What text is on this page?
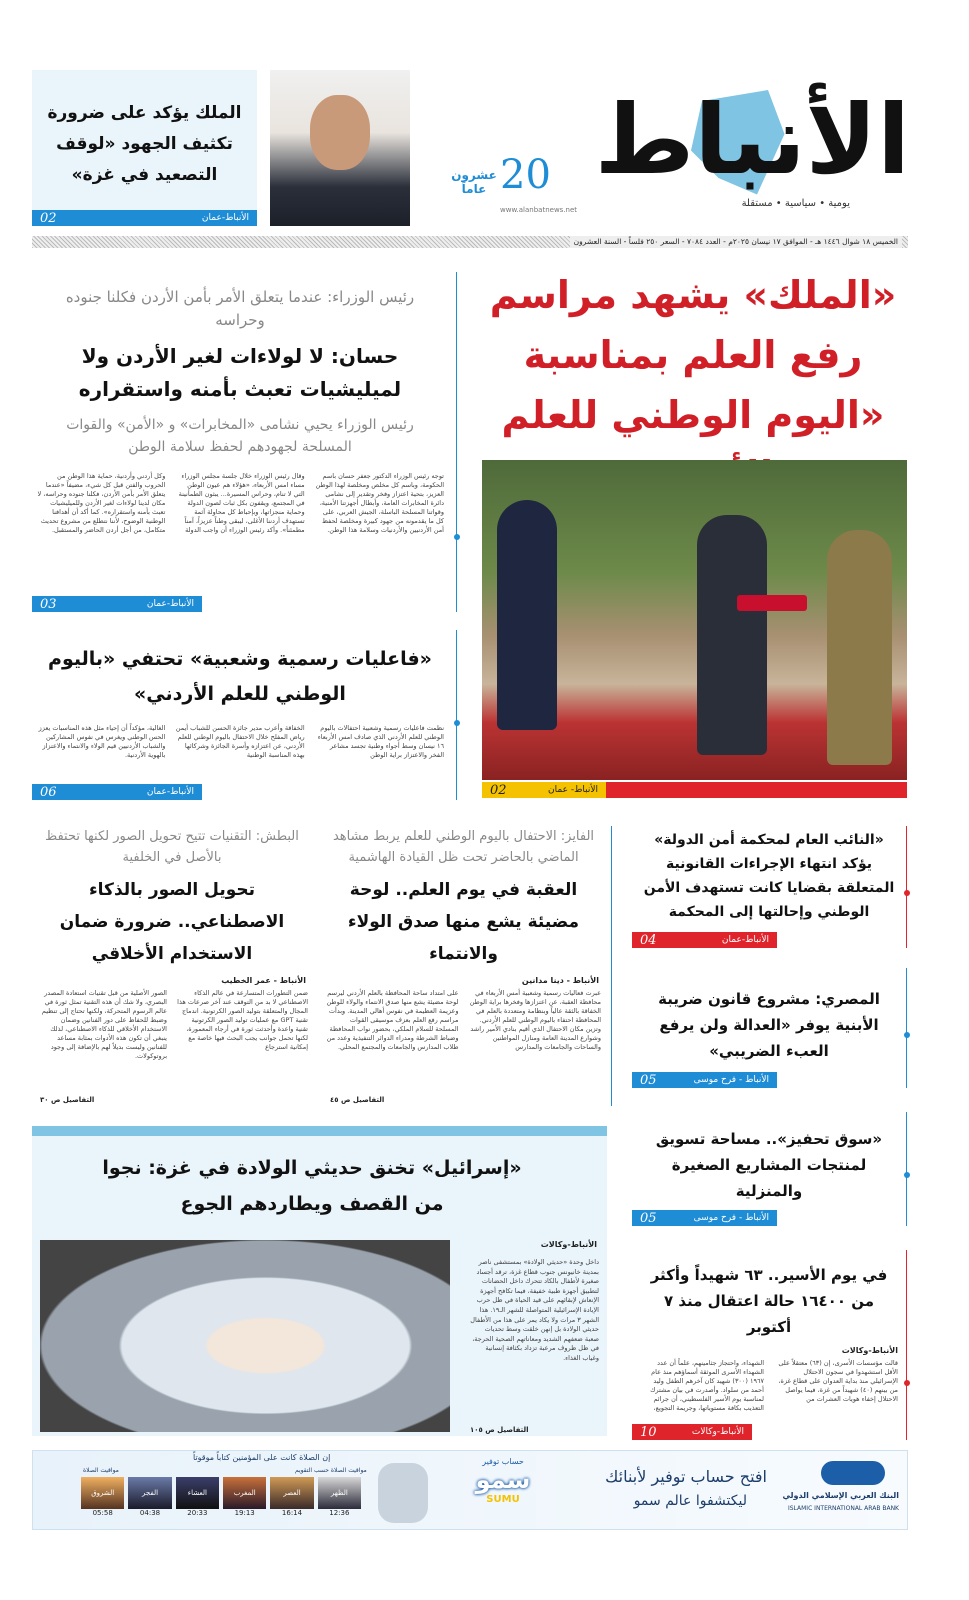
الأنباط
يومية • سياسية • مستقلة
20
عشرون عاماً
www.alanbatnews.net
الملك يؤكد على ضرورة تكثيف الجهود «لوقف التصعيد في غزة»
الأنباط-عمان
02
الخميس ١٨ شوال ١٤٤٦ هـ - الموافق ١٧ نيسان ٢٠٢٥م - العدد ٧٠٨٤ - السعر ٢٥٠ فلساً - السنة العشرون
«الملك» يشهد مراسم رفع العلم بمناسبة «اليوم الوطني للعلم
الأنباط- عمان
02
رئيس الوزراء: عندما يتعلق الأمر بأمن الأردن فكلنا جنوده وحراسه
حسان: لا لولاءات لغير الأردن ولا لميليشيات تعبث بأمنه واستقراره
رئيس الوزراء يحيي نشامى «المخابرات» و «الأمن» والقوات المسلحة لجهودهم لحفظ سلامة الوطن
توجه رئيس الوزراء الدكتور جعفر حسان باسم الحكومة، وباسم كل مخلص ومخلصة لهذا الوطن العزيز، بتحية اعتزاز وفخر وتقدير إلى نشامى دائرة المخابرات العامة، وأبطال أجهزتنا الأمنية، وقواتنا المسلحة الباسلة، الجيش العربي، على كل ما يقدمونه من جهود كبيرة ومخلصة لحفظ أمن الأردنيين والأردنيات وسلامة هذا الوطن.
وقال رئيس الوزراء خلال جلسة مجلس الوزراء مساء امس الأربعاء، «هؤلاء هم عيون الوطن التي لا تنام، وحراس المسيرة... يبثون الطمأنينة في المجتمع، ويقفون بكل ثبات لصون الدولة وحماية منجزاتها، وبإحباط كل محاولة آثمة تستهدف أردننا الأغلى، ليبقى وطناً عزيزاً، آمناً مطمئناً». وأكد رئيس الوزراء أن واجب الدولة
وكل أردني وأردنية، حماية هذا الوطن من الحروب والفتن قبل كل شيء، مضيفاً «عندما يتعلق الأمر بأمن الأردن، فكلنا جنوده وحراسه، لا مكان لدينا لولاءات لغير الأردن وللميليشيات تعبث بأمنه واستقراره». كما أكد أن أهدافنا الوطنية الوضوح، لأننا نتطلع من مشروع تحديث متكامل، من أجل أردن الحاضر والمستقبل.
الأنباط-عمان
03
«فاعليات رسمية وشعبية» تحتفي «باليوم الوطني للعلم الأردني»
نظمت فاعليات رسمية وشعبية احتفالات باليوم الوطني للعلم الأردني الذي صادف امس الأربعاء ١٦ نيسان وسط أجواء وطنية تجسد مشاعر الفخر والاعتزاز براية الوطن
الخفاقة وأعرب مدير جائزة الحسن للشباب أيمن رياض المفلح خلال الاحتفال باليوم الوطني للعلم الأردني، عن اعتزازه وأسرة الجائزة وشركائها بهذه المناسبة الوطنية
الغالية، مؤكداً أن إحياء مثل هذه المناسبات يعزز الحس الوطني ويغرس في نفوس المشاركين والشباب الأردنيين قيم الولاء والانتماء والاعتزاز بالهوية الأردنية.
الأنباط-عمان
06
«النائب العام لمحكمة أمن الدولة» يؤكد انتهاء الإجراءات القانونية المتعلقة بقضايا كانت تستهدف الأمن الوطني وإحالتها إلى المحكمة
الأنباط-عمان
04
المصري: مشروع قانون ضريبة الأبنية يوفر «العدالة ولن يرفع العبء الضريبي»
الأنباط - فرح موسى
05
«سوق تحفيز».. مساحة تسويق لمنتجات المشاريع الصغيرة والمنزلية
الأنباط - فرح موسى
05
في يوم الأسير.. ٦٣ شهيداً وأكثر من ١٦٤٠٠ حالة اعتقال منذ ٧ أكتوبر
الأنباط-وكالات
قالت مؤسسات الأسرى، إن (٦٣) معتقلاً على الأقل استشهدوا في سجون الاحتلال الإسرائيلي منذ بداية العدوان على قطاع غزة، من بينهم (٤٠) شهيداً من غزة، فيما يواصل الاحتلال إخفاء هويات العشرات من
الشهداء، واحتجاز جثامينهم، علماً أن عدد الشهداء الأسرى الموثقة أسماؤهم منذ عام ١٩٦٧ (٣٠٠) شهيد كان آخرهم الطفل وليد أحمد من سلواد. وأصدرت في بيان مشترك لمناسبة يوم الأسير الفلسطيني، أن جرائم التعذيب بكافة مستوياتها، وجريمة التجويع،
الأنباط-وكالات
10
الفايز: الاحتفال باليوم الوطني للعلم يربط مشاهد الماضي بالحاضر تحت ظل القيادة الهاشمية
العقبة في يوم العلم.. لوحة مضيئة يشع منها صدق الولاء والانتماء
الأنباط - دينا مدانين
عبرت فعاليات رسمية وشعبية أمس الأربعاء في محافظة العقبة، عن اعتزازها وفخرها براية الوطن الخفاقة بالثقة عالياً وبنظامة ومتعددة بالعلم في المحافظة احتفاء باليوم الوطني للعلم الأردني. وتزين مكان الاحتفال الذي أقيم بنادي الأمير راشد وشوارع المدينة العامة ومنازل المواطنين والساحات والجامعات والمدارس
على امتداد ساحة المحافظة بالعلم الأردني ليرسم لوحة مضيئة يشع منها صدق الانتماء والولاء للوطن وعزيمة العظيمة في نفوس أهالي المدينة. وبدأت مراسم رفع العلم بعزف موسيقى القوات المسلحة للسلام الملكي، بحضور نواب المحافظة وضباط الشرطة ومدراء الدوائر التنفيذية وعدد من طلاب المدارس والجامعات والمجتمع المحلي.
التفاصيل ص ٤٥
البطش: التقنيات تتيح تحويل الصور لكنها تحتفظ بالأصل في الخلفية
تحويل الصور بالذكاء الاصطناعي.. ضرورة ضمان الاستخدام الأخلاقي
الأنباط - عمر الخطيب
ضمن التطورات المتسارعة في عالم الذكاء الاصطناعي لا بد من التوقف عند آخر صرعات هذا المجال والمتعلقة بتوليد الصور الكرتونية. اندماج تقنية GPT مع عمليات توليد الصور الكرتونية تقنية واعدة وأحدثت ثورة في أرجاء المعمورة، لكنها تحمل جوانب يجب البحث فيها خاصة مع إمكانية استرجاع
الصور الأصلية من قبل تقنيات استعادة المصدر البصري، ولا شك أن هذه التقنية تمثل ثورة في عالم الرسوم المتحركة، ولكنها تحتاج إلى تنظيم وضبط للحفاظ على دور الفنانين وضمان الاستخدام الأخلاقي للذكاء الاصطناعي، لذلك ينبغي أن تكون هذه الأدوات بمثابة مساعد للفنانين وليست بديلاً لهم بالإضافة إلى وجود بروتوكولات.
التفاصيل ص ٣٠
«إسرائيل» تخنق حديثي الولادة في غزة: نجوا من القصف ويطاردهم الجوع
الأنباط-وكالات
داخل وحدة «حديثي الولادة» بمستشفى ناصر بمدينة خانيونس جنوب قطاع غزة، ترقد أجساد صغيرة لأطفال بالكاد تتحرك داخل الحضانات لتطبيق أجهزة طبية خفيفة، فيما تكافح أجهزة الإنعاش لإبقائهم على قيد الحياة في ظل حرب الإبادة الإسرائيلية المتواصلة للشهر الـ١٩. هذا الشهر ٣ مرات ولا يكاد يمر على هذا من الأطفال حديثي الولادة بل إنهن خلقت وسط تحديات صعبة ضعفهم الشديد ومعاناتهم الصحية الحرجة، في ظل ظروف مرعبة تزداد بكثافة إنسانية وغياب الغذاء.
التفاصيل ص ١٠٥
البنك العربي الإسلامي الدولي
ISLAMIC INTERNATIONAL ARAB BANK
افتح حساب توفير لأبنائك
ليكتشفوا عالم سمو
حساب توفير
سمو
SUMU
إن الصلاة كانت على المؤمنين كتاباً موقوتاً
مواقيت الصلاة	مواقيت الصلاة حسب التقويم
الظهر
12:36
العصر
16:14
المغرب
19:13
العشاء
20:33
الفجر
04:38
الشروق
05:58
